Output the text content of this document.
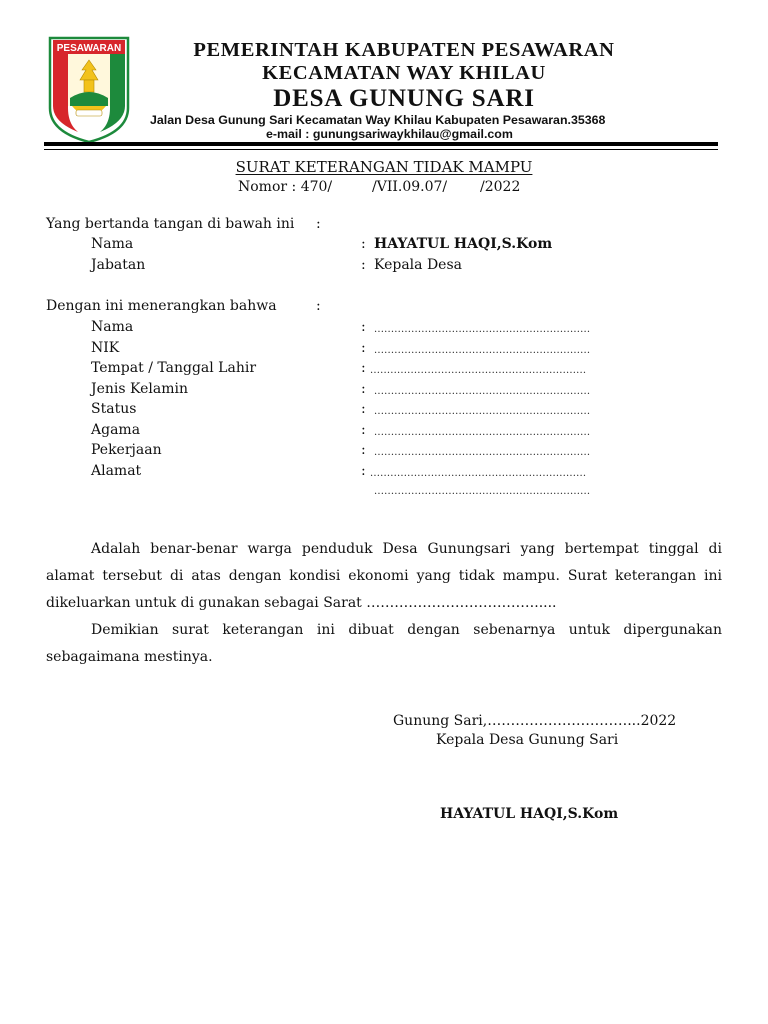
PESAWARAN	PEMERINTAH KABUPATEN PESAWARAN
KECAMATAN WAY KHILAU
DESA GUNUNG SARI
Jalan Desa Gunung Sari Kecamatan Way Khilau Kabupaten Pesawaran.35368
e-mail : gunungsariwaykhilau@gmail.com
SURAT KETERANGAN TIDAK MAMPU
Nomor : 470/	/VII.09.07/ /2022
Yang bertanda tangan di bawah ini :
Nama	: HAYATUL HAQI,S.Kom
Jabatan	: Kepala Desa
Dengan ini menerangkan bahwa	:
Nama	: ................................................................
NIK	: ................................................................
Tempat / Tanggal Lahir	: ................................................................
Jenis Kelamin	: ................................................................
Status	: ................................................................
Agama	: ................................................................
Pekerjaan	: ................................................................
Alamat	: ................................................................
................................................................
Adalah benar-benar warga penduduk Desa Gunungsari yang bertempat tinggal di alamat tersebut di atas dengan kondisi ekonomi yang tidak mampu. Surat keterangan ini dikeluarkan untuk di gunakan sebagai Sarat ……………………………….....
Demikian surat keterangan ini dibuat dengan sebenarnya untuk dipergunakan sebagaimana mestinya.
Gunung Sari,…………………………...2022
Kepala Desa Gunung Sari
HAYATUL HAQI,S.Kom
